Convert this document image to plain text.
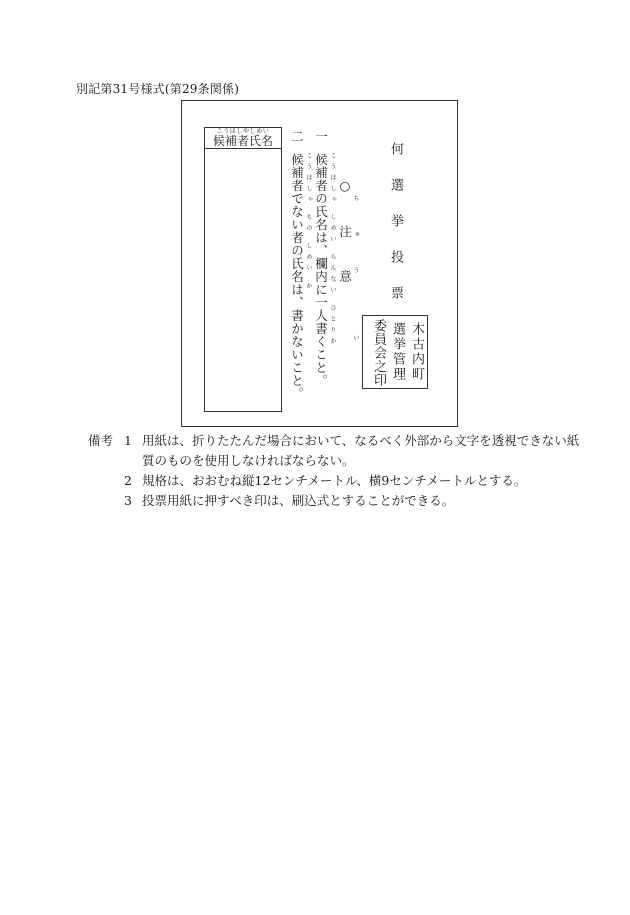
別記第31号様式(第29条関係)
こうほしやしめい
候補者氏名	二
候補者でない者の氏名は、書かないこと。 こうほしゃ もの しめい か
一
候補者の氏名は、欄内に一人書くこと。 こうほしゃ しめい らんない ひとりか ○注意 ちゅう い 何選挙投票
木古内町
選挙管理
委員会之印
備考 1 用紙は、折りたたんだ場合において、なるべく外部から文字を透視できない紙
質のものを使用しなければならない。
2 規格は、おおむね縦12センチメートル、横9センチメートルとする。
3 投票用紙に押すべき印は、刷込式とすることができる。
